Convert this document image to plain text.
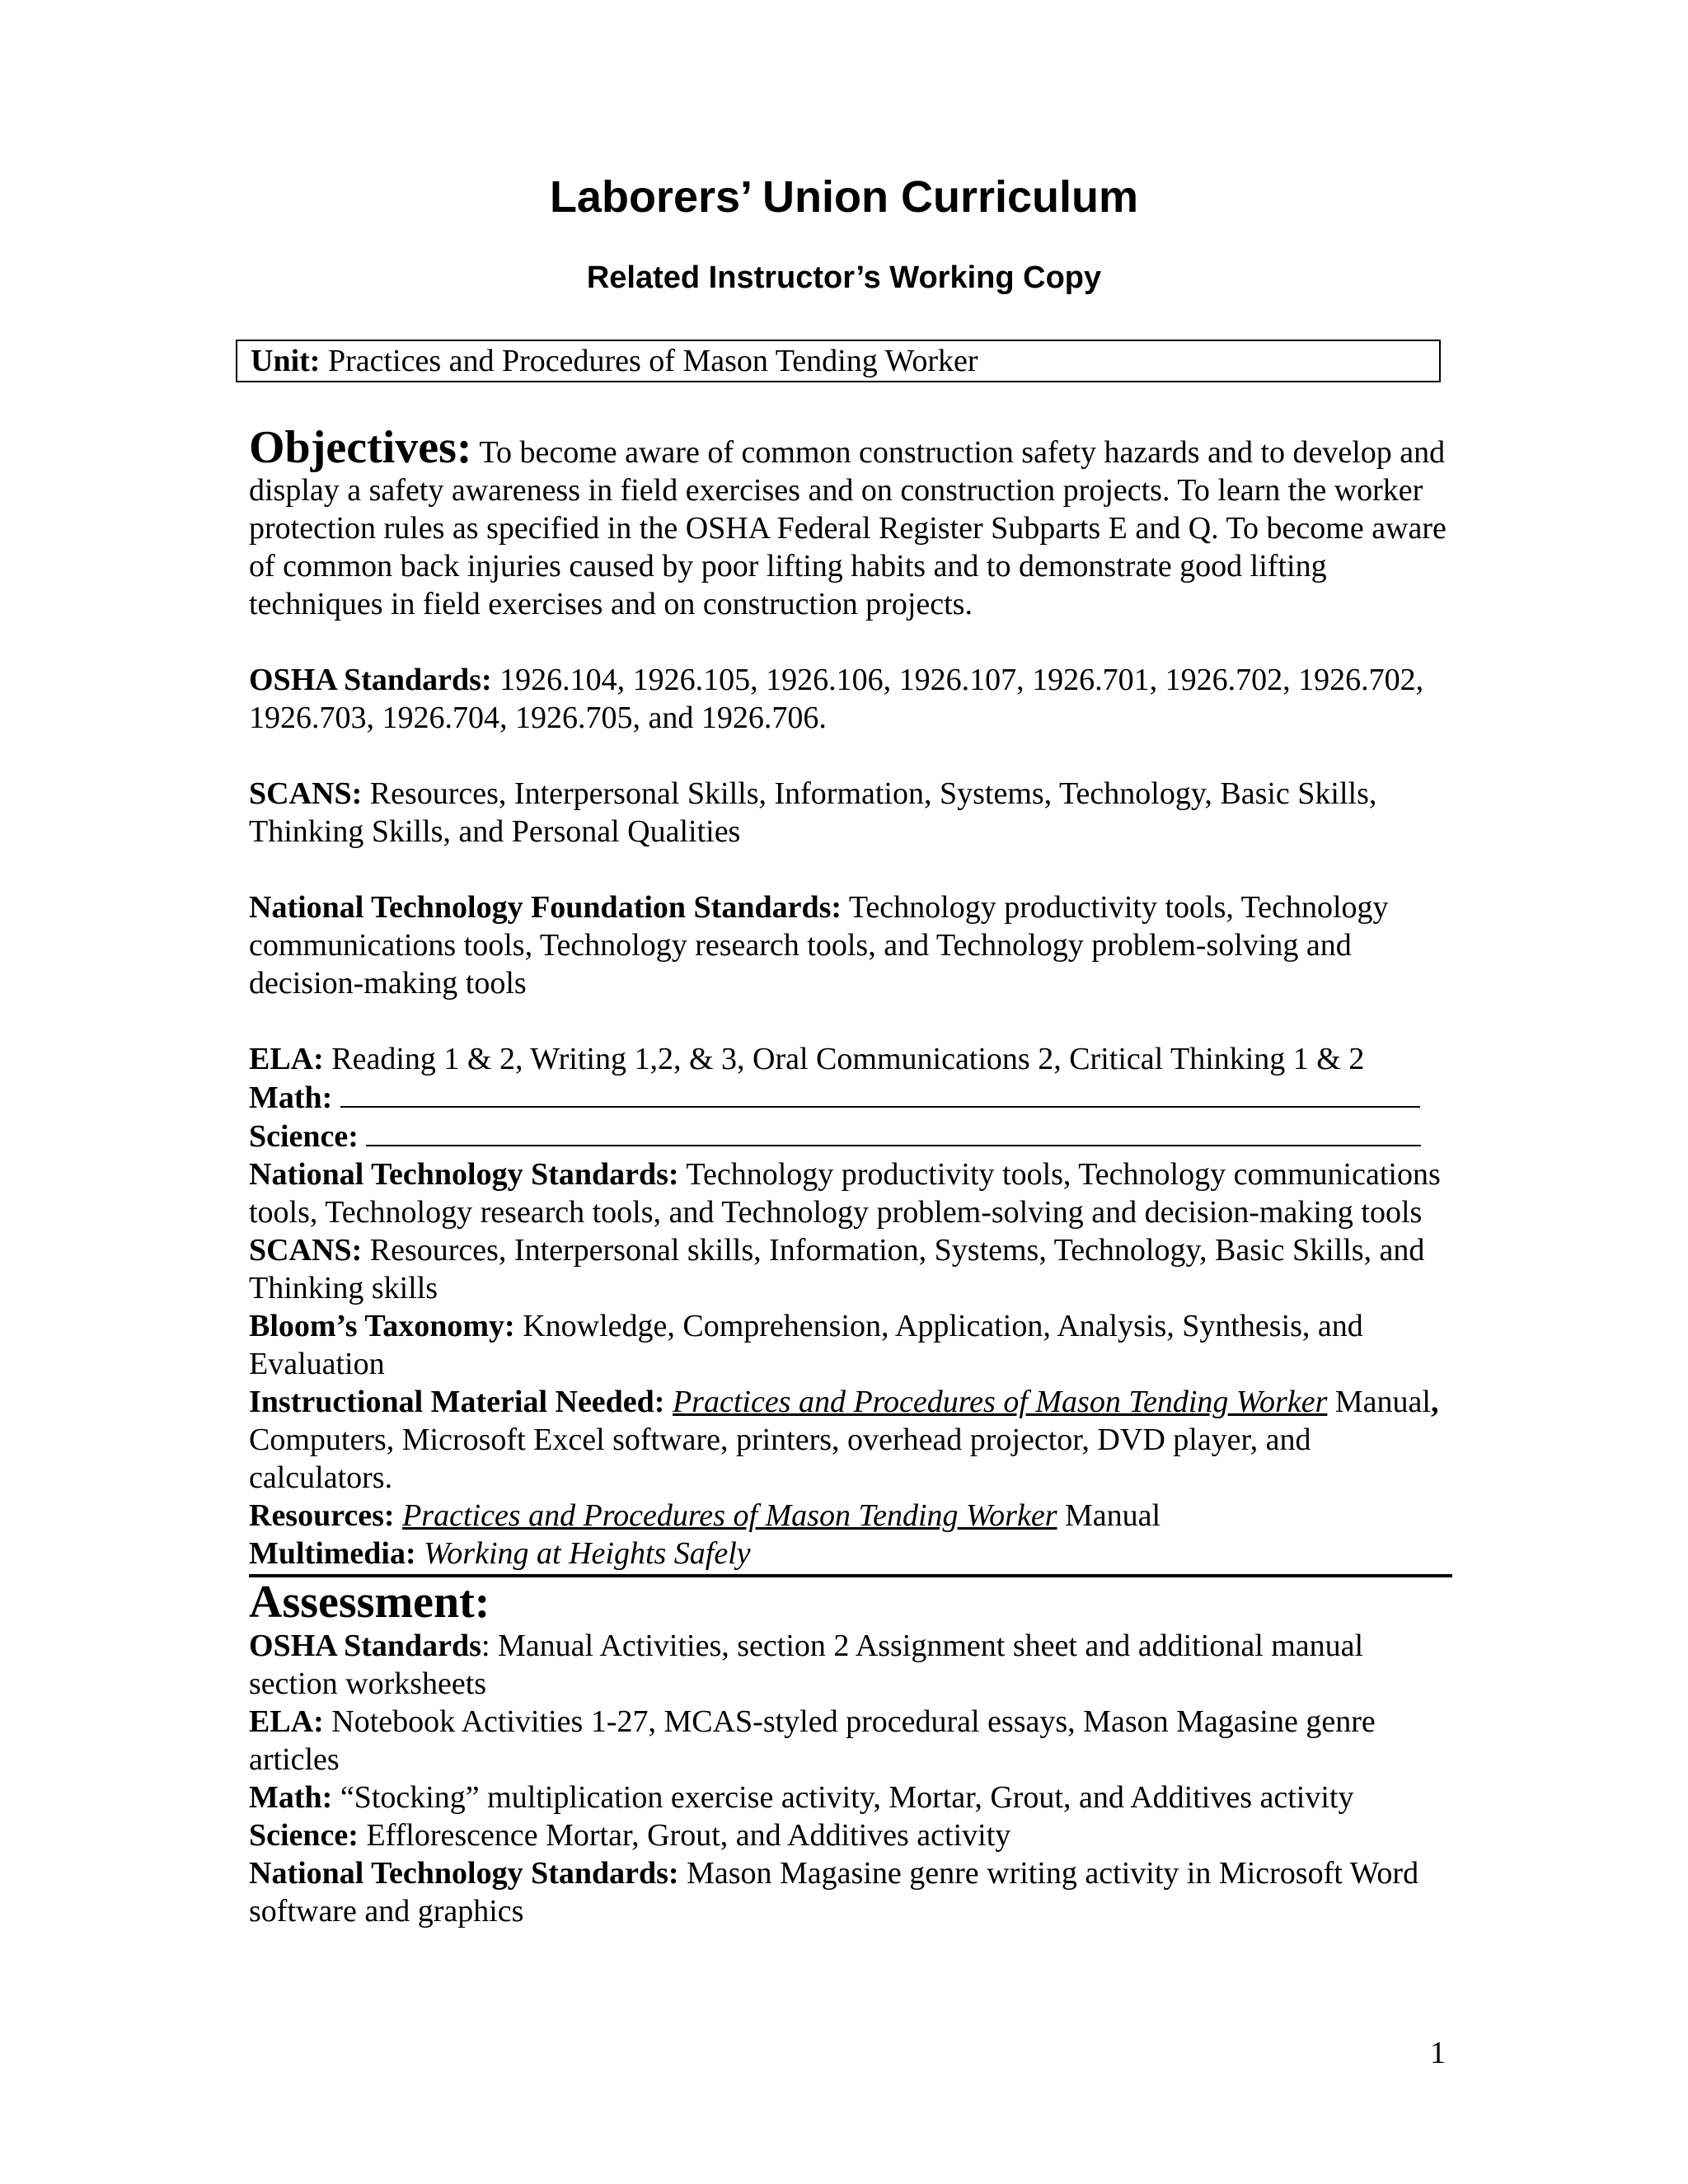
Laborers’ Union Curriculum
Related Instructor’s Working Copy
Unit: Practices and Procedures of Mason Tending Worker

Objectives: To become aware of common construction safety hazards and to develop and display a safety awareness in field exercises and on construction projects. To learn the worker protection rules as specified in the OSHA Federal Register Subparts E and Q. To become aware of common back injuries caused by poor lifting habits and to demonstrate good lifting techniques in field exercises and on construction projects.

OSHA Standards: 1926.104, 1926.105, 1926.106, 1926.107, 1926.701, 1926.702, 1926.702, 1926.703, 1926.704, 1926.705, and 1926.706.

SCANS: Resources, Interpersonal Skills, Information, Systems, Technology, Basic Skills, Thinking Skills, and Personal Qualities

National Technology Foundation Standards: Technology productivity tools, Technology communications tools, Technology research tools, and Technology problem-solving and decision-making tools

ELA: Reading 1 & 2, Writing 1,2, & 3, Oral Communications 2, Critical Thinking 1 & 2

Math:

Science:

National Technology Standards: Technology productivity tools, Technology communications tools, Technology research tools, and Technology problem-solving and decision-making tools

SCANS: Resources, Interpersonal skills, Information, Systems, Technology, Basic Skills, and Thinking skills

Bloom’s Taxonomy: Knowledge, Comprehension, Application, Analysis, Synthesis, and Evaluation

Instructional Material Needed: Practices and Procedures of Mason Tending Worker Manual, Computers, Microsoft Excel software, printers, overhead projector, DVD player, and calculators.

Resources: Practices and Procedures of Mason Tending Worker Manual

Multimedia: Working at Heights Safely

Assessment:

OSHA Standards: Manual Activities, section 2 Assignment sheet and additional manual section worksheets

ELA: Notebook Activities 1-27, MCAS-styled procedural essays, Mason Magasine genre articles

Math: “Stocking” multiplication exercise activity, Mortar, Grout, and Additives activity

Science: Efflorescence Mortar, Grout, and Additives activity

National Technology Standards: Mason Magasine genre writing activity in Microsoft Word software and graphics

1
